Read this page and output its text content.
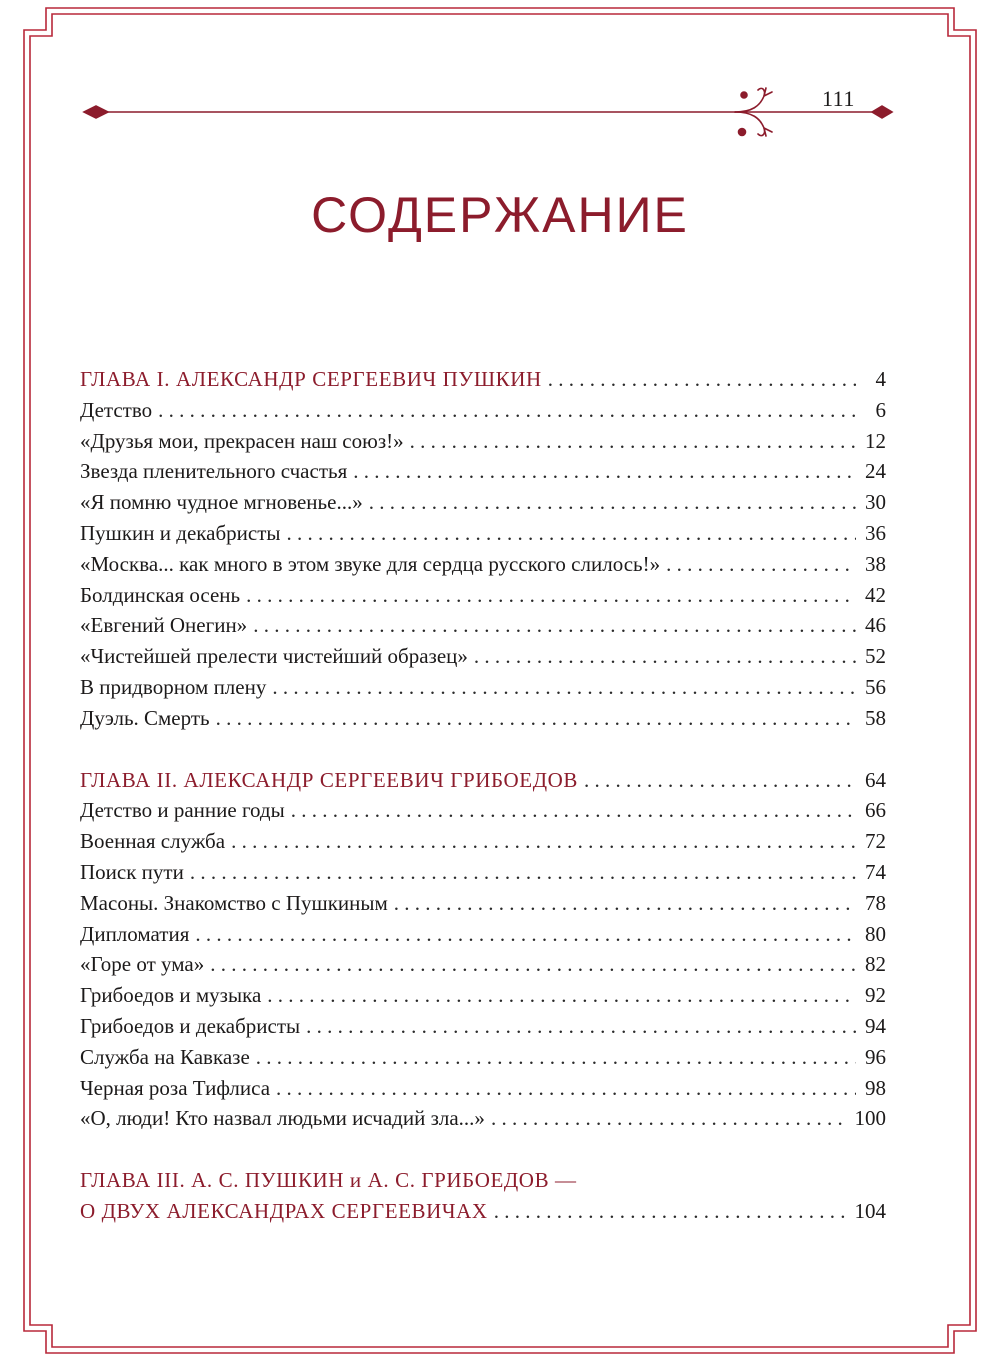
111
СОДЕРЖАНИЕ
ГЛАВА I. АЛЕКСАНДР СЕРГЕЕВИЧ ПУШКИН . . .	4
Детство . . .	6
«Друзья мои, прекрасен наш союз!» . . .	12
Звезда пленительного счастья . . .	24
«Я помню чудное мгновенье...» . . .	30
Пушкин и декабристы . . .	36
«Москва... как много в этом звуке для сердца русского слилось!» . . .	38
Болдинская осень . . .	42
«Евгений Онегин» . . .	46
«Чистейшей прелести чистейший образец» . . .	52
В придворном плену . . .	56
Дуэль. Смерть . . .	58
ГЛАВА II. АЛЕКСАНДР СЕРГЕЕВИЧ ГРИБОЕДОВ . . .	64
Детство и ранние годы . . .	66
Военная служба . . .	72
Поиск пути . . .	74
Масоны. Знакомство с Пушкиным . . .	78
Дипломатия . . .	80
«Горе от ума» . . .	82
Грибоедов и музыка . . .	92
Грибоедов и декабристы . . .	94
Служба на Кавказе . . .	96
Черная роза Тифлиса . . .	98
«О, люди! Кто назвал людьми исчадий зла...» . . .	100
ГЛАВА III. А. С. ПУШКИН и А. С. ГРИБОЕДОВ —
О ДВУХ АЛЕКСАНДРАХ СЕРГЕЕВИЧАХ . . .	104
